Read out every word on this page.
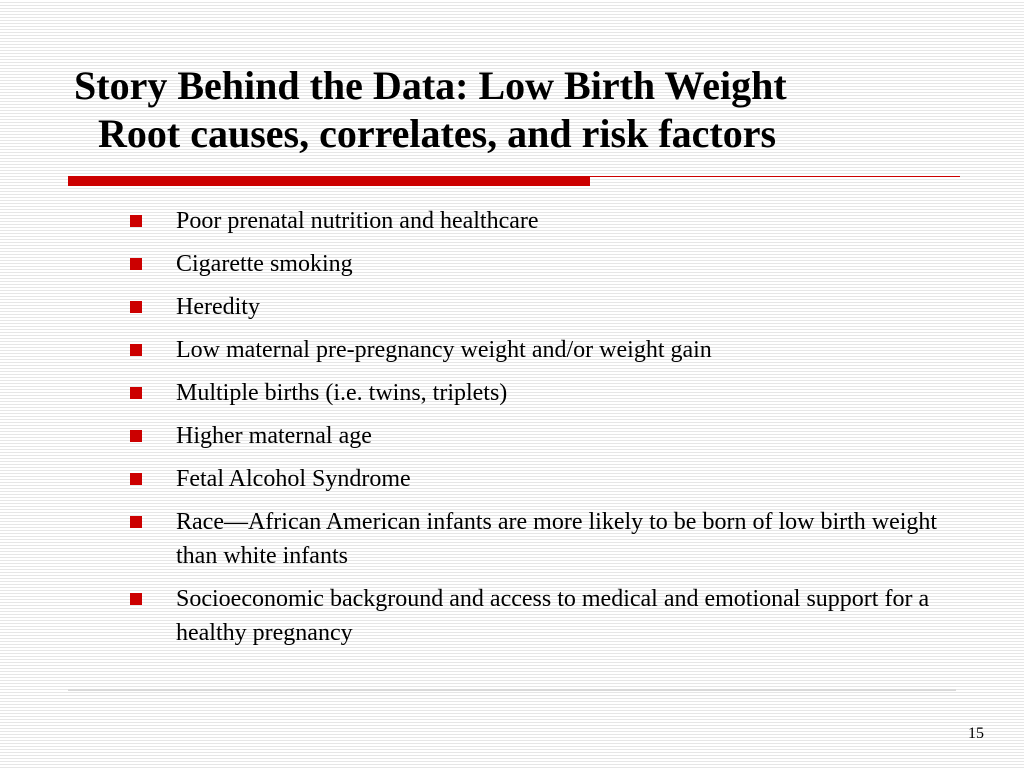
Story Behind the Data: Low Birth Weight
Root causes, correlates, and risk factors
Poor prenatal nutrition and healthcare
Cigarette smoking
Heredity
Low maternal pre-pregnancy weight and/or weight gain
Multiple births (i.e. twins, triplets)
Higher maternal age
Fetal Alcohol Syndrome
Race—African American infants are more likely to be born of low birth weight than white infants
Socioeconomic background and access to medical and emotional support for a healthy pregnancy
15
